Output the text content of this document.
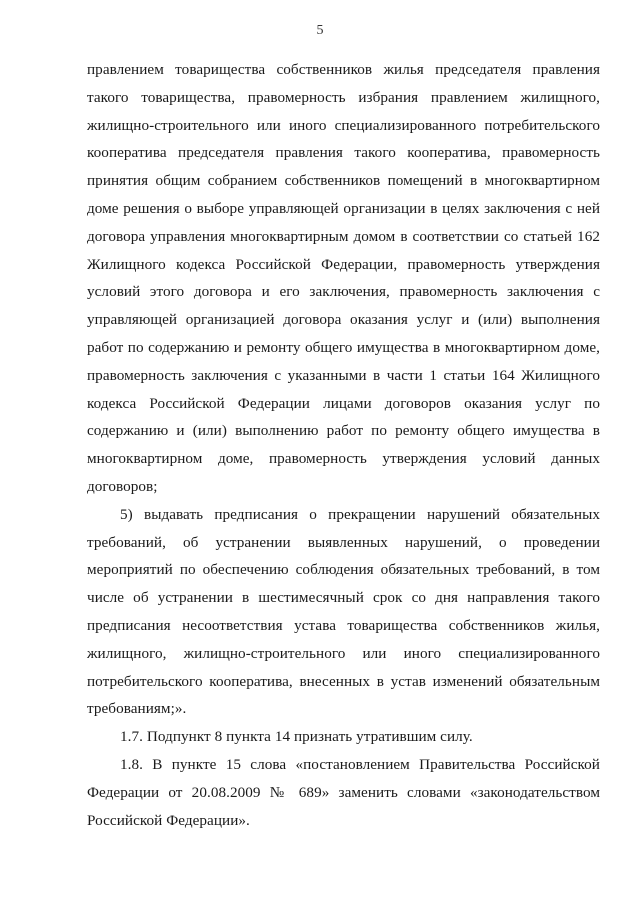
5

правлением товарищества собственников жилья председателя правления такого товарищества, правомерность избрания правлением жилищного, жилищно-строительного или иного специализированного потребительского кооператива председателя правления такого кооператива, правомерность принятия общим собранием собственников помещений в многоквартирном доме решения о выборе управляющей организации в целях заключения с ней договора управления многоквартирным домом в соответствии со статьей 162 Жилищного кодекса Российской Федерации, правомерность утверждения условий этого договора и его заключения, правомерность заключения с управляющей организацией договора оказания услуг и (или) выполнения работ по содержанию и ремонту общего имущества в многоквартирном доме, правомерность заключения с указанными в части 1 статьи 164 Жилищного кодекса Российской Федерации лицами договоров оказания услуг по содержанию и (или) выполнению работ по ремонту общего имущества в многоквартирном доме, правомерность утверждения условий данных договоров;

5) выдавать предписания о прекращении нарушений обязательных требований, об устранении выявленных нарушений, о проведении мероприятий по обеспечению соблюдения обязательных требований, в том числе об устранении в шестимесячный срок со дня направления такого предписания несоответствия устава товарищества собственников жилья, жилищного, жилищно-строительного или иного специализированного потребительского кооператива, внесенных в устав изменений обязательным требованиям;».

1.7. Подпункт 8 пункта 14 признать утратившим силу.

1.8. В пункте 15 слова «постановлением Правительства Российской Федерации от 20.08.2009 № 689» заменить словами «законодательством Российской Федерации».
